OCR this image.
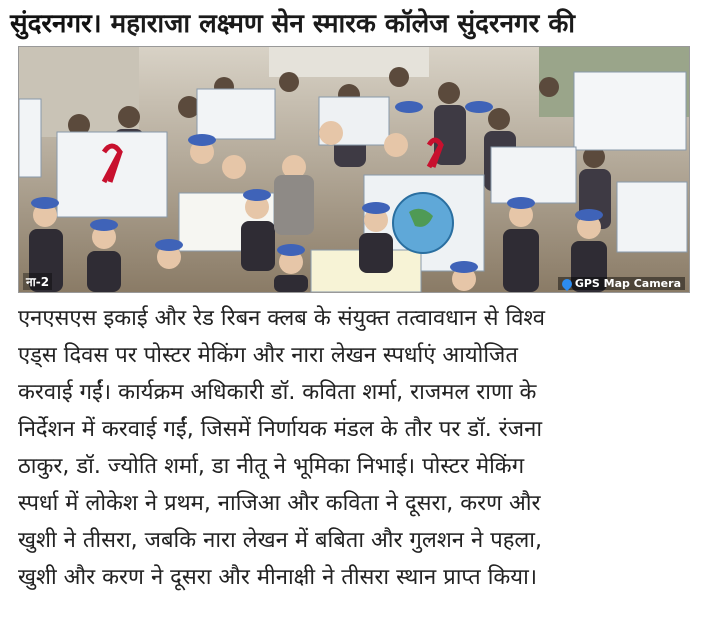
सुंदरनगर। महाराजा लक्ष्मण सेन स्मारक कॉलेज सुंदरनगर की
ना-2	GPS Map Camera
एनएसएस इकाई और रेड रिबन क्लब के संयुक्त तत्वावधान से विश्व
एड्स दिवस पर पोस्टर मेकिंग और नारा लेखन स्पर्धाएं आयोजित
करवाई गईं। कार्यक्रम अधिकारी डॉ. कविता शर्मा, राजमल राणा के
निर्देशन में करवाई गईं, जिसमें निर्णायक मंडल के तौर पर डॉ. रंजना
ठाकुर, डॉ. ज्योति शर्मा, डा नीतू ने भूमिका निभाई। पोस्टर मेकिंग
स्पर्धा में लोकेश ने प्रथम, नाजिआ और कविता ने दूसरा, करण और
खुशी ने तीसरा, जबकि नारा लेखन में बबिता और गुलशन ने पहला,
खुशी और करण ने दूसरा और मीनाक्षी ने तीसरा स्थान प्राप्त किया।
